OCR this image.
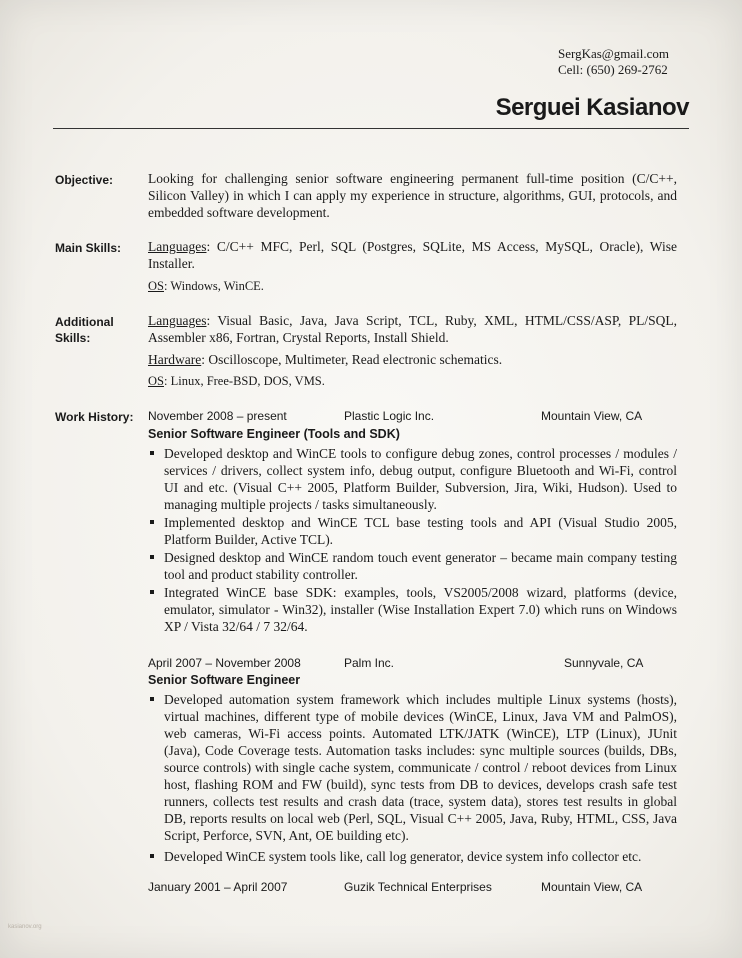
SergKas@gmail.com
Cell: (650) 269-2762
Serguei Kasianov
Objective:	Looking for challenging senior software engineering permanent full-time position (C/C++, Silicon Valley) in which I can apply my experience in structure, algorithms, GUI, protocols, and embedded software development.

Main Skills: Languages: C/C++ MFC, Perl, SQL (Postgres, SQLite, MS Access, MySQL, Oracle), Wise Installer.

OS: Windows, WinCE.

Additional
Skills:

Languages: Visual Basic, Java, Java Script, TCL, Ruby, XML, HTML/CSS/ASP, PL/SQL, Assembler x86, Fortran, Crystal Reports, Install Shield.

Hardware: Oscilloscope, Multimeter, Read electronic schematics.

OS: Linux, Free-BSD, DOS, VMS.

Work History: November 2008 – present	Plastic Logic Inc.	Mountain View, CA
Senior Software Engineer (Tools and SDK)
Developed desktop and WinCE tools to configure debug zones, control processes / modules / services / drivers, collect system info, debug output, configure Bluetooth and Wi-Fi, control UI and etc. (Visual C++ 2005, Platform Builder, Subversion, Jira, Wiki, Hudson). Used to managing multiple projects / tasks simultaneously.
Implemented desktop and WinCE TCL base testing tools and API (Visual Studio 2005, Platform Builder, Active TCL).
Designed desktop and WinCE random touch event generator – became main company testing tool and product stability controller.
Integrated WinCE base SDK: examples, tools, VS2005/2008 wizard, platforms (device, emulator, simulator - Win32), installer (Wise Installation Expert 7.0) which runs on Windows XP / Vista 32/64 / 7 32/64.
April 2007 – November 2008	Palm Inc.	Sunnyvale, CA
Senior Software Engineer
Developed automation system framework which includes multiple Linux systems (hosts), virtual machines, different type of mobile devices (WinCE, Linux, Java VM and PalmOS), web cameras, Wi-Fi access points. Automated LTK/JATK (WinCE), LTP (Linux), JUnit (Java), Code Coverage tests. Automation tasks includes: sync multiple sources (builds, DBs, source controls) with single cache system, communicate / control / reboot devices from Linux host, flashing ROM and FW (build), sync tests from DB to devices, develops crash safe test runners, collects test results and crash data (trace, system data), stores test results in global DB, reports results on local web (Perl, SQL, Visual C++ 2005, Java, Ruby, HTML, CSS, Java Script, Perforce, SVN, Ant, OE building etc).
Developed WinCE system tools like, call log generator, device system info collector etc.
January 2001 – April 2007	Guzik Technical Enterprises	Mountain View, CA
kasianov.org
